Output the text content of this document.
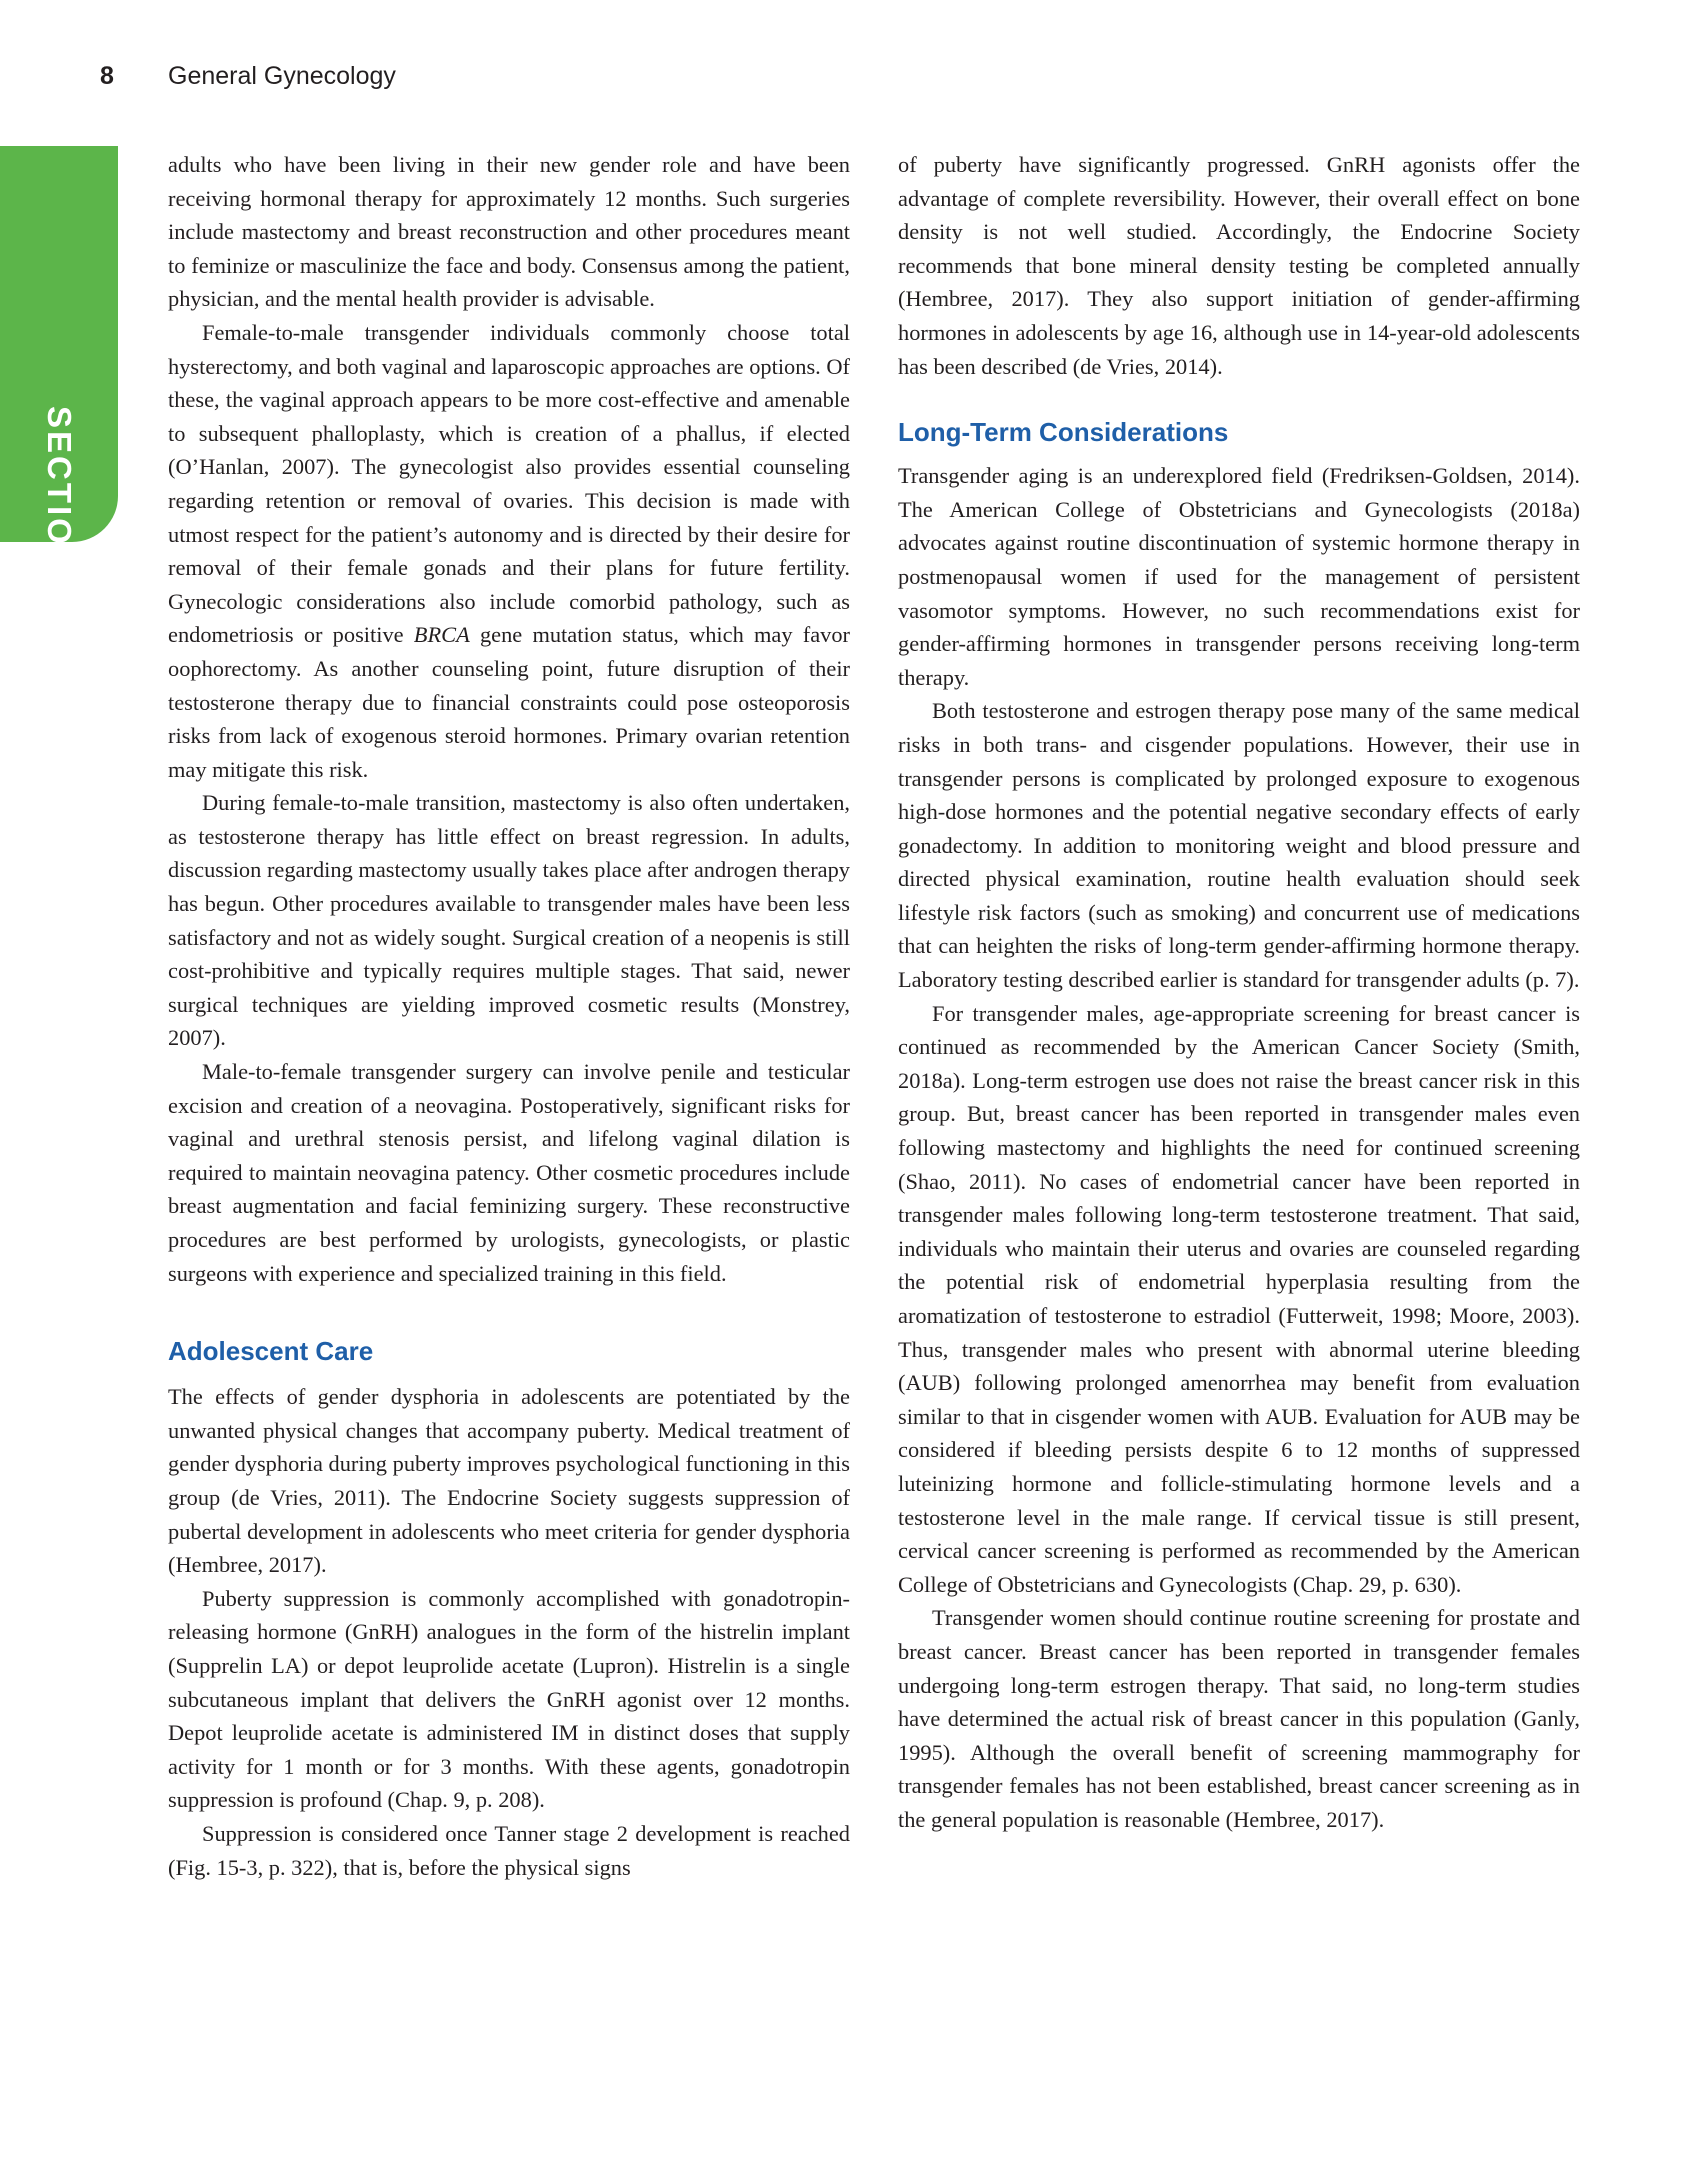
8 General Gynecology
SECTION 1

adults who have been living in their new gender role and have been receiving hormonal therapy for approximately 12 months. Such surgeries include mastectomy and breast reconstruction and other procedures meant to feminize or masculinize the face and body. Consensus among the patient, physician, and the mental health provider is advisable.

Female-to-male transgender individuals commonly choose total hysterectomy, and both vaginal and laparoscopic approaches are options. Of these, the vaginal approach appears to be more cost-effective and amenable to subsequent phalloplasty, which is creation of a phallus, if elected (O’Hanlan, 2007). The gynecologist also provides essential counseling regarding retention or removal of ovaries. This decision is made with utmost respect for the patient’s autonomy and is directed by their desire for removal of their female gonads and their plans for future fertility. Gynecologic considerations also include comorbid pathology, such as endometriosis or positive BRCA gene mutation status, which may favor oophorectomy. As another counseling point, future disruption of their testosterone therapy due to financial constraints could pose osteoporosis risks from lack of exogenous steroid hormones. Primary ovarian retention may mitigate this risk.

During female-to-male transition, mastectomy is also often undertaken, as testosterone therapy has little effect on breast regression. In adults, discussion regarding mastectomy usually takes place after androgen therapy has begun. Other procedures available to transgender males have been less satisfactory and not as widely sought. Surgical creation of a neopenis is still cost-prohibitive and typically requires multiple stages. That said, newer surgical techniques are yielding improved cosmetic results (Monstrey, 2007).

Male-to-female transgender surgery can involve penile and testicular excision and creation of a neovagina. Postoperatively, significant risks for vaginal and urethral stenosis persist, and lifelong vaginal dilation is required to maintain neovagina patency. Other cosmetic procedures include breast augmentation and facial feminizing surgery. These reconstructive procedures are best performed by urologists, gynecologists, or plastic surgeons with experience and specialized training in this field.

Adolescent Care

The effects of gender dysphoria in adolescents are potentiated by the unwanted physical changes that accompany puberty. Medical treatment of gender dysphoria during puberty improves psychological functioning in this group (de Vries, 2011). The Endocrine Society suggests suppression of pubertal development in adolescents who meet criteria for gender dysphoria (Hembree, 2017).

Puberty suppression is commonly accomplished with gonadotropin-releasing hormone (GnRH) analogues in the form of the histrelin implant (Supprelin LA) or depot leuprolide acetate (Lupron). Histrelin is a single subcutaneous implant that delivers the GnRH agonist over 12 months. Depot leuprolide acetate is administered IM in distinct doses that supply activity for 1 month or for 3 months. With these agents, gonadotropin suppression is profound (Chap. 9, p. 208).

Suppression is considered once Tanner stage 2 development is reached (Fig. 15-3, p. 322), that is, before the physical signs

of puberty have significantly progressed. GnRH agonists offer the advantage of complete reversibility. However, their overall effect on bone density is not well studied. Accordingly, the Endocrine Society recommends that bone mineral density testing be completed annually (Hembree, 2017). They also support initiation of gender-affirming hormones in adolescents by age 16, although use in 14-year-old adolescents has been described (de Vries, 2014).

Long-Term Considerations

Transgender aging is an underexplored field (Fredriksen-Goldsen, 2014). The American College of Obstetricians and Gynecologists (2018a) advocates against routine discontinuation of systemic hormone therapy in postmenopausal women if used for the management of persistent vasomotor symptoms. However, no such recommendations exist for gender-affirming hormones in transgender persons receiving long-term therapy.

Both testosterone and estrogen therapy pose many of the same medical risks in both trans- and cisgender populations. However, their use in transgender persons is complicated by prolonged exposure to exogenous high-dose hormones and the potential negative secondary effects of early gonadectomy. In addition to monitoring weight and blood pressure and directed physical examination, routine health evaluation should seek lifestyle risk factors (such as smoking) and concurrent use of medications that can heighten the risks of long-term gender-affirming hormone therapy. Laboratory testing described earlier is standard for transgender adults (p. 7).

For transgender males, age-appropriate screening for breast cancer is continued as recommended by the American Cancer Society (Smith, 2018a). Long-term estrogen use does not raise the breast cancer risk in this group. But, breast cancer has been reported in transgender males even following mastectomy and highlights the need for continued screening (Shao, 2011). No cases of endometrial cancer have been reported in transgender males following long-term testosterone treatment. That said, individuals who maintain their uterus and ovaries are counseled regarding the potential risk of endometrial hyperplasia resulting from the aromatization of testosterone to estradiol (Futterweit, 1998; Moore, 2003). Thus, transgender males who present with abnormal uterine bleeding (AUB) following prolonged amenorrhea may benefit from evaluation similar to that in cisgender women with AUB. Evaluation for AUB may be considered if bleeding persists despite 6 to 12 months of suppressed luteinizing hormone and follicle-stimulating hormone levels and a testosterone level in the male range. If cervical tissue is still present, cervical cancer screening is performed as recommended by the American College of Obstetricians and Gynecologists (Chap. 29, p. 630).

Transgender women should continue routine screening for prostate and breast cancer. Breast cancer has been reported in transgender females undergoing long-term estrogen therapy. That said, no long-term studies have determined the actual risk of breast cancer in this population (Ganly, 1995). Although the overall benefit of screening mammography for transgender females has not been established, breast cancer screening as in the general population is reasonable (Hembree, 2017).
